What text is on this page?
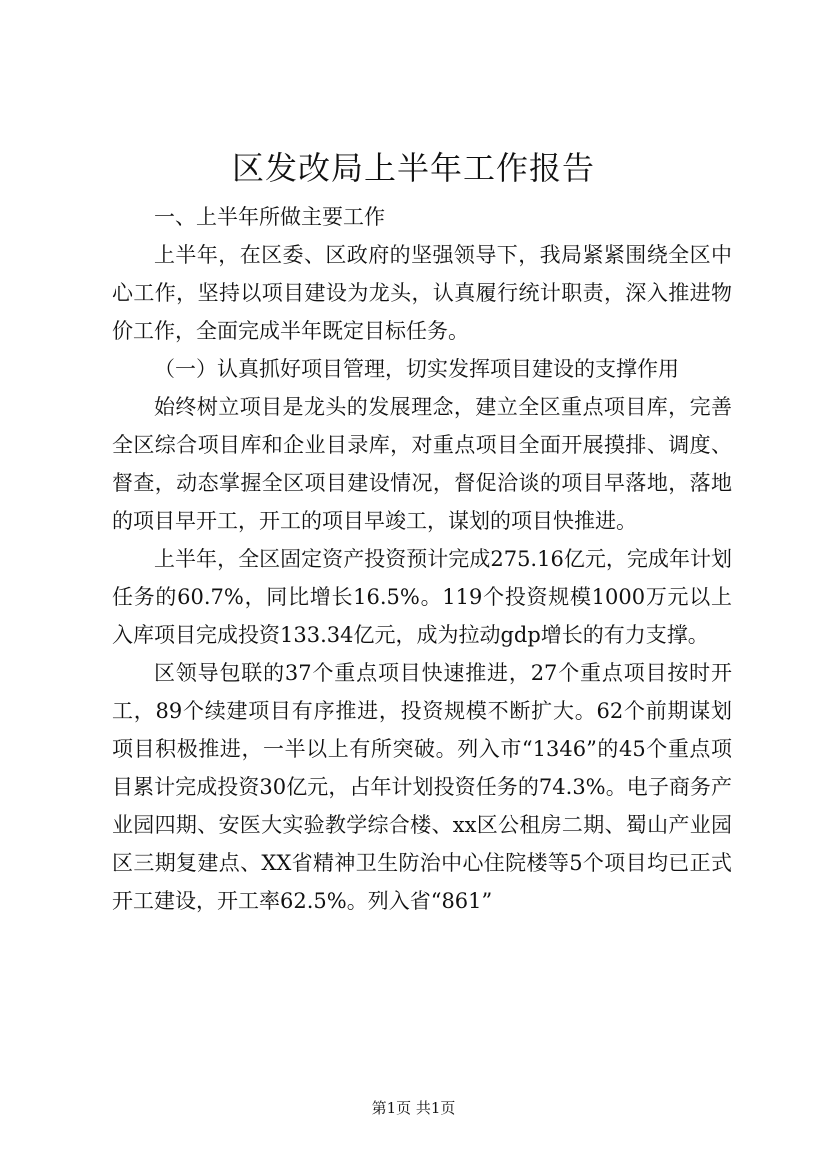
区发改局上半年工作报告

一、上半年所做主要工作

上半年，在区委、区政府的坚强领导下，我局紧紧围绕全区中心工作，坚持以项目建设为龙头，认真履行统计职责，深入推进物价工作，全面完成半年既定目标任务。

（一）认真抓好项目管理，切实发挥项目建设的支撑作用

始终树立项目是龙头的发展理念，建立全区重点项目库，完善全区综合项目库和企业目录库，对重点项目全面开展摸排、调度、督查，动态掌握全区项目建设情况，督促洽谈的项目早落地，落地的项目早开工，开工的项目早竣工，谋划的项目快推进。

上半年，全区固定资产投资预计完成275.16亿元，完成年计划任务的60.7%，同比增长16.5%。119个投资规模1000万元以上入库项目完成投资133.34亿元，成为拉动gdp增长的有力支撑。

区领导包联的37个重点项目快速推进，27个重点项目按时开工，89个续建项目有序推进，投资规模不断扩大。62个前期谋划项目积极推进，一半以上有所突破。列入市“1346”的45个重点项目累计完成投资30亿元，占年计划投资任务的74.3%。电子商务产业园四期、安医大实验教学综合楼、xx区公租房二期、蜀山产业园区三期复建点、XX省精神卫生防治中心住院楼等5个项目均已正式开工建设，开工率62.5%。列入省“861”

第1页 共1页
